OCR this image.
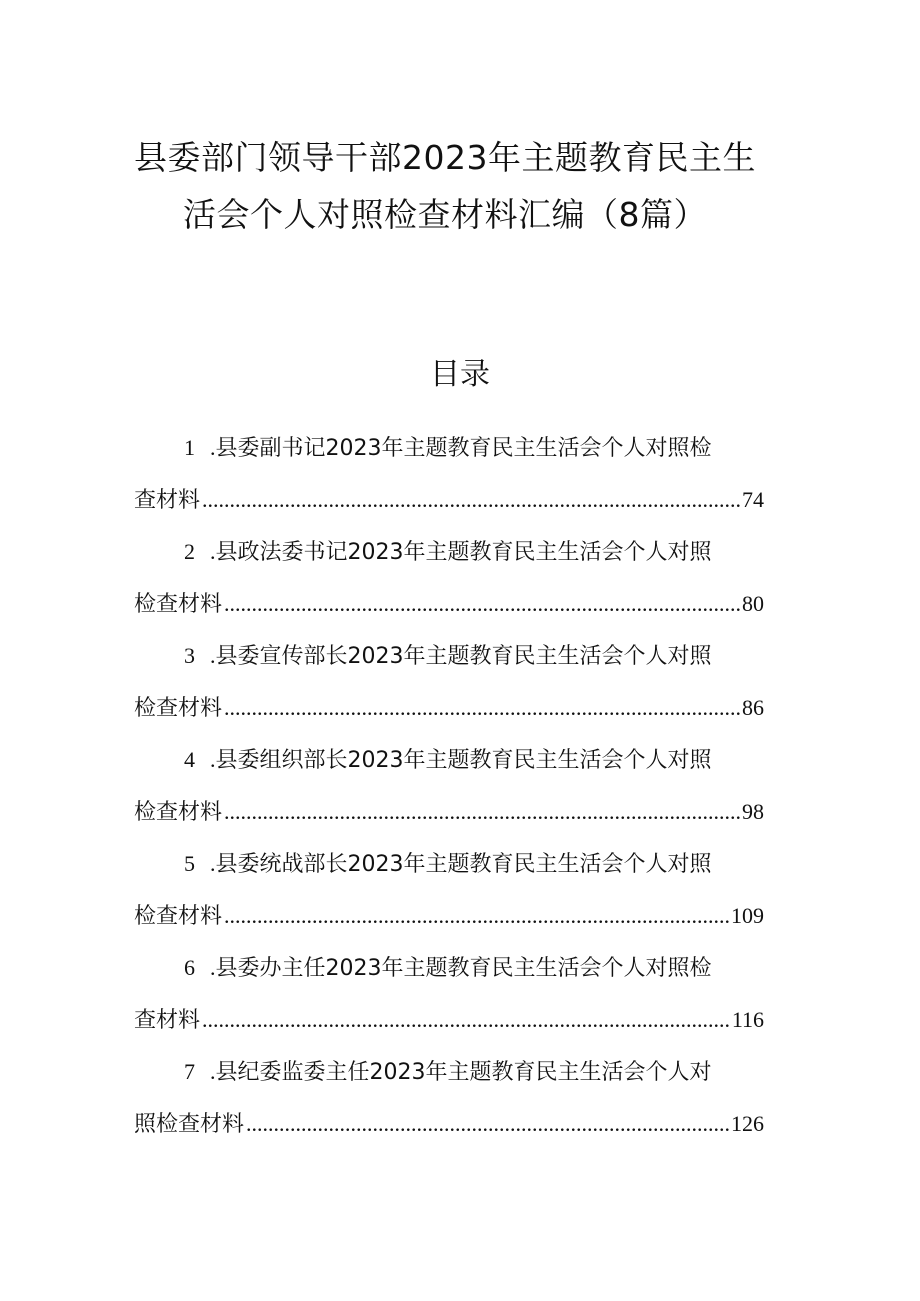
县委部门领导干部2023年主题教育民主生
活会个人对照检查材料汇编（8篇）
目录
1 .县委副书记2023年主题教育民主生活会个人对照检
查材料 .....	74
2 .县政法委书记2023年主题教育民主生活会个人对照
检查材料 .....	80
3 .县委宣传部长2023年主题教育民主生活会个人对照
检查材料 .....	86
4 .县委组织部长2023年主题教育民主生活会个人对照
检查材料 .....	98
5 .县委统战部长2023年主题教育民主生活会个人对照
检查材料 .....	109
6 .县委办主任2023年主题教育民主生活会个人对照检
查材料 .....	116
7 .县纪委监委主任2023年主题教育民主生活会个人对
照检查材料 .....	126
